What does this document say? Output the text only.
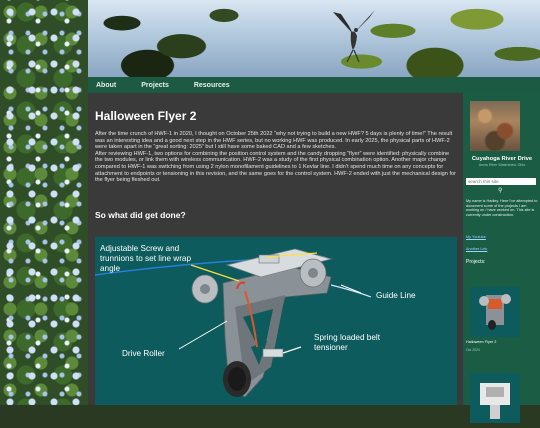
About	Projects	Resources
Halloween Flyer 2

After the time crunch of HWF-1 in 2020, I thought on October 25th 2022 “why not trying to build a new HWF? 5 days is plenty of time!” The result was an interesting idea and a good next step in the HWF series, but no working HWF was produced. In early 2025, the physical parts of HWF-2 were taken apart in the “great sorting: 2025” but I still have some baked CAD and a few sketches.

After reviewing HWF-1, two options for combining the position control system and the candy dropping “flyer” were identified: physically combine the two modules, or link them with wireless communication. HWF-2 was a study of the first physical combination option. Another major change compared to HWF-1 was switching from using 2 nylon monofilament guidelines to 1 Kevlar line. I didn’t spend much time on any concepts for attachment to endpoints or tensioning in this revision, and the same goes for the control system. HWF-2 ended with just the mechanical design for the flyer being fleshed out.

So what did get done?
Adjustable Screw and trunnions to set line wrap angle
Guide Line
Drive Roller
Spring loaded belt tensioner
Cuyahoga River Drive
Amos River Watershed, Ohio
search this site
⚲
My name is Hadley. Here I've attempted to document some of the projects I am working on / have worked on. This site is currently under construction.
My Youtube
Another Link
Projects:
Halloween Flyer 2
Oct 2024
